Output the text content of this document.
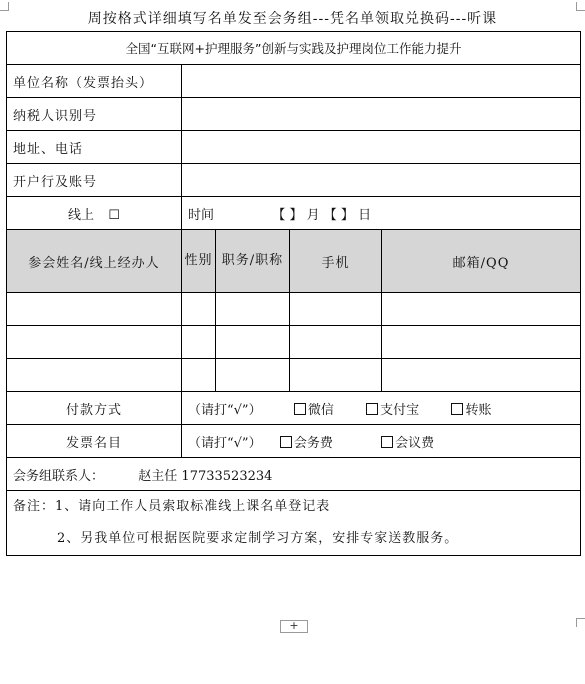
周按格式详细填写名单发至会务组---凭名单领取兑换码---听课
全国“互联网+护理服务”创新与实践及护理岗位工作能力提升				
单位名称（发票抬头）				
纳税人识别号				
地址、电话				
开户行及账号				
线上 ☐	时间 【 】 月 【 】 日			
参会姓名/线上经办人	性别	职务/职称	手机	邮箱/QQ

付款方式	（请打“√”） 微信 支付宝 转账			
发票名目	（请打“√”） 会务费 会议费			
会务组联系人： 赵主任 17733523234				

备注：1、请向工作人员索取标准线上课名单登记表
2、另我单位可根据医院要求定制学习方案，安排专家送教服务。				
+
